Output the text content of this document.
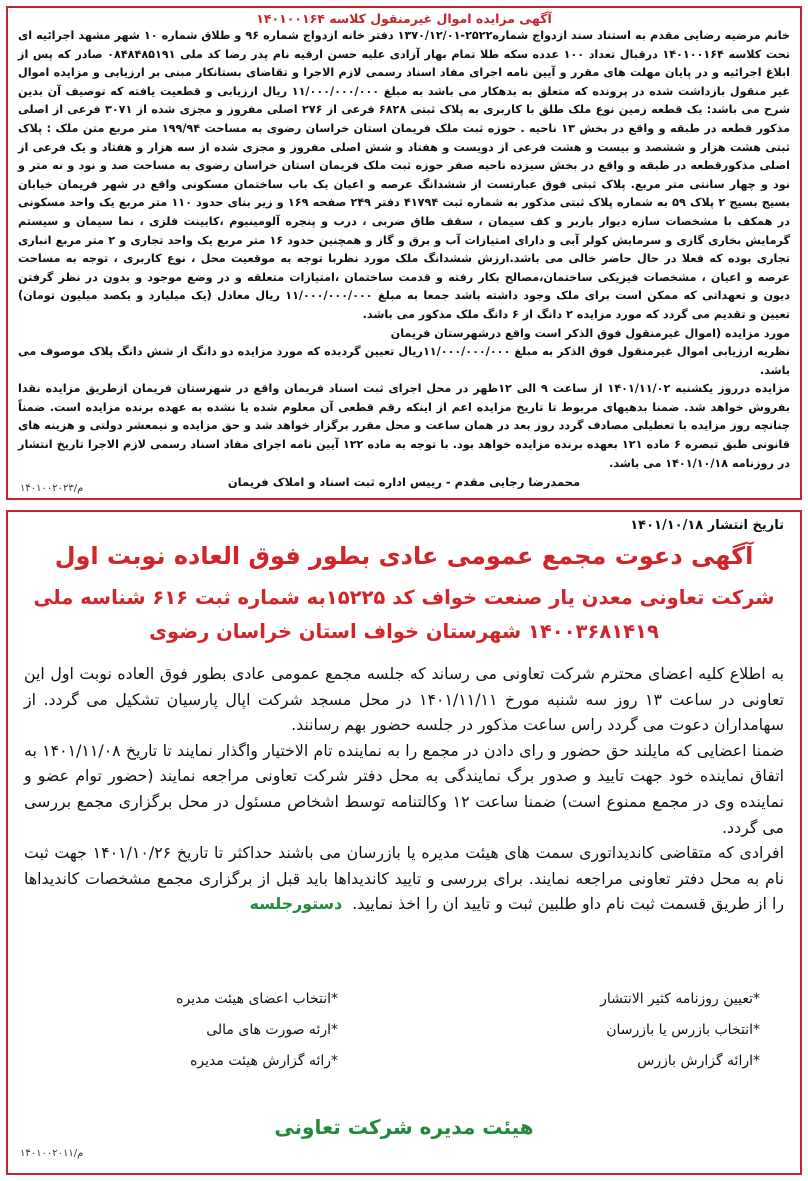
آگهی مزایده اموال غیرمنقول کلاسه ۱۴۰۱۰۰۱۶۴

خانم مرضیه رضایی مقدم به استناد سند ازدواج شماره۲۵۲۲-۱۳۷۰/۱۲/۰۱ دفتر خانه ازدواج شماره ۹۶ و طلاق شماره ۱۰ شهر مشهد اجرائیه ای تحت کلاسه ۱۴۰۱۰۰۱۶۴ درقبال تعداد ۱۰۰ عدده سکه طلا تمام بهار آزادی علیه حسن ارقیه نام پدر رضا کد ملی ۰۸۴۸۴۸۵۱۹۱ صادر که پس از ابلاغ اجرائیه و در پایان مهلت های مقرر و آیین نامه اجرای مفاد اسناد رسمی لازم الاجرا و تقاضای بستانکار مبنی بر ارزیابی و مزایده اموال غیر منقول بازداشت شده در پرونده که متعلق به بدهکار می باشد به مبلغ ۱۱/۰۰۰/۰۰۰/۰۰۰ ریال ارزیابی و قطعیت یافته که توصیف آن بدین شرح می باشد: یک قطعه زمین نوع ملک طلق با کاربری به پلاک ثبتی ۶۸۲۸ فرعی از ۲۷۶ اصلی مفروز و مجزی شده از ۳۰۷۱ فرعی از اصلی مذکور قطعه در طبقه و واقع در بخش ۱۳ ناحیه . حوزه ثبت ملک فریمان استان خراسان رضوی به مساحت ۱۹۹/۹۴ متر مربع متن ملک : پلاک ثبتی هشت هزار و ششصد و بیست و هشت فرعی از دویست و هفتاد و شش اصلی مفروز و مجزی شده از سه هزار و هفتاد و یک فرعی از اصلی مذکورقطعه در طبقه و واقع در بخش سیزده ناحیه صفر حوزه ثبت ملک فریمان استان خراسان رضوی به مساحت صد و نود و نه متر و نود و چهار سانتی متر مربع. پلاک ثبتی فوق عبارتست از ششدانگ عرصه و اعیان یک باب ساختمان مسکونی واقع در شهر فریمان خیابان بسیج بسیج ۲ پلاک ۵۹ به شماره پلاک ثبتی مذکور به شماره ثبت ۴۱۷۹۴ دفتر ۲۴۹ صفحه ۱۶۹ و زیر بنای حدود ۱۱۰ متر مربع یک واحد مسکونی در همکف با مشخصات سازه دیوار باربر و کف سیمان ، سقف طاق ضربی ، درب و پنجره آلومینیوم ،کابینت فلزی ، نما سیمان و سیستم گرمایش بخاری گازی و سرمایش کولر آبی و دارای امتیازات آب و برق و گاز و همچنین حدود ۱۶ متر مربع یک واحد تجاری و ۲ متر مربع انباری تجاری بوده که فعلا در حال حاضر خالی می باشد.ارزش ششدانگ ملک مورد نظربا توجه به موقعیت محل ، نوع کاربری ، توجه به مساحت عرصه و اعیان ، مشخصات فیزیکی ساختمان،مصالح بکار رفته و قدمت ساختمان ،امتیازات متعلقه و در وضع موجود و بدون در نظر گرفتن دیون و تعهداتی که ممکن است برای ملک وجود داشته باشد جمعا به مبلغ ۱۱/۰۰۰/۰۰۰/۰۰۰ ریال معادل (یک میلیارد و یکصد میلیون تومان) تعیین و تقدیم می گردد که مورد مزایده ۲ دانگ از ۶ دانگ ملک مذکور می باشد.

مورد مزایده (اموال غیرمنقول فوق الذکر است واقع درشهرستان فریمان

نظریه ارزیابی اموال غیرمنقول فوق الذکر به مبلغ ۱۱/۰۰۰/۰۰۰/۰۰۰ریال تعیین گردیده که مورد مزایده دو دانگ از شش دانگ پلاک موصوف می باشد.

مزایده درروز یکشنبه ۱۴۰۱/۱۱/۰۲ از ساعت ۹ الی ۱۲ظهر در محل اجرای ثبت اسناد فریمان واقع در شهرستان فریمان ازطریق مزایده نقدا بفروش خواهد شد. ضمنا بدهیهای مربوط تا تاریخ مزایده اعم از اینکه رقم قطعی آن معلوم شده یا نشده به عهده برنده مزایده است. ضمناً چنانچه روز مزایده با تعطیلی مصادف گردد روز بعد در همان ساعت و محل مقرر برگزار خواهد شد و حق مزایده و نیمعشر دولتی و هزینه های قانونی طبق تبصره ۶ ماده ۱۲۱ بعهده برنده مزایده خواهد بود. با توجه به ماده ۱۲۲ آیین نامه اجرای مفاد اسناد رسمی لازم الاجرا تاریخ انتشار در روزنامه ۱۴۰۱/۱۰/۱۸ می باشد.

محمدرضا رجایی مقدم - رییس اداره ثبت اسناد و املاک فریمان

م/۱۴۰۱۰۰۲۰۲۳

تاریخ انتشار ۱۴۰۱/۱۰/۱۸

آگهی دعوت مجمع عمومی عادی بطور فوق العاده نوبت اول

شرکت تعاونی معدن یار صنعت خواف کد ۱۵۲۲۵به شماره ثبت ۶۱۶ شناسه ملی

۱۴۰۰۳۶۸۱۴۱۹ شهرستان خواف استان خراسان رضوی

به اطلاع کلیه اعضای محترم شرکت تعاونی می رساند که جلسه مجمع عمومی عادی بطور فوق العاده نوبت اول این تعاونی در ساعت ۱۳ روز سه شنبه مورخ ۱۴۰۱/۱۱/۱۱ در محل مسجد شرکت اپال پارسیان تشکیل می گردد. از سهامداران دعوت می گردد راس ساعت مذکور در جلسه حضور بهم رسانند.

ضمنا اعضایی که مایلند حق حضور و رای دادن در مجمع را به نماینده تام الاختیار واگذار نمایند تا تاریخ ۱۴۰۱/۱۱/۰۸ به اتفاق نماینده خود جهت تایید و صدور برگ نمایندگی به محل دفتر شرکت تعاونی مراجعه نمایند (حضور توام عضو و نماینده وی در مجمع ممنوع است) ضمنا ساعت ۱۲ وکالتنامه توسط اشخاص مسئول در محل برگزاری مجمع بررسی می گردد.

افرادی که متقاضی کاندیداتوری سمت های هیئت مدیره یا بازرسان می باشند حداکثر تا تاریخ ۱۴۰۱/۱۰/۲۶ جهت ثبت نام به محل دفتر تعاونی مراجعه نمایند. برای بررسی و تایید کاندیداها باید قبل از برگزاری مجمع مشخصات کاندیداها را از طریق قسمت ثبت نام داو طلبین ثبت و تایید ان را اخذ نمایید.دستورجلسه

*تعیین روزنامه کثیر الانتشار

*انتخاب بازرس یا بازرسان

*ارائه گزارش بازرس

*انتخاب اعضای هیئت مدیره

*ارئه صورت های مالی

*رائه گزارش هیئت مدیره

هیئت مدیره شرکت تعاونی

م/۱۴۰۱۰۰۲۰۱۱
